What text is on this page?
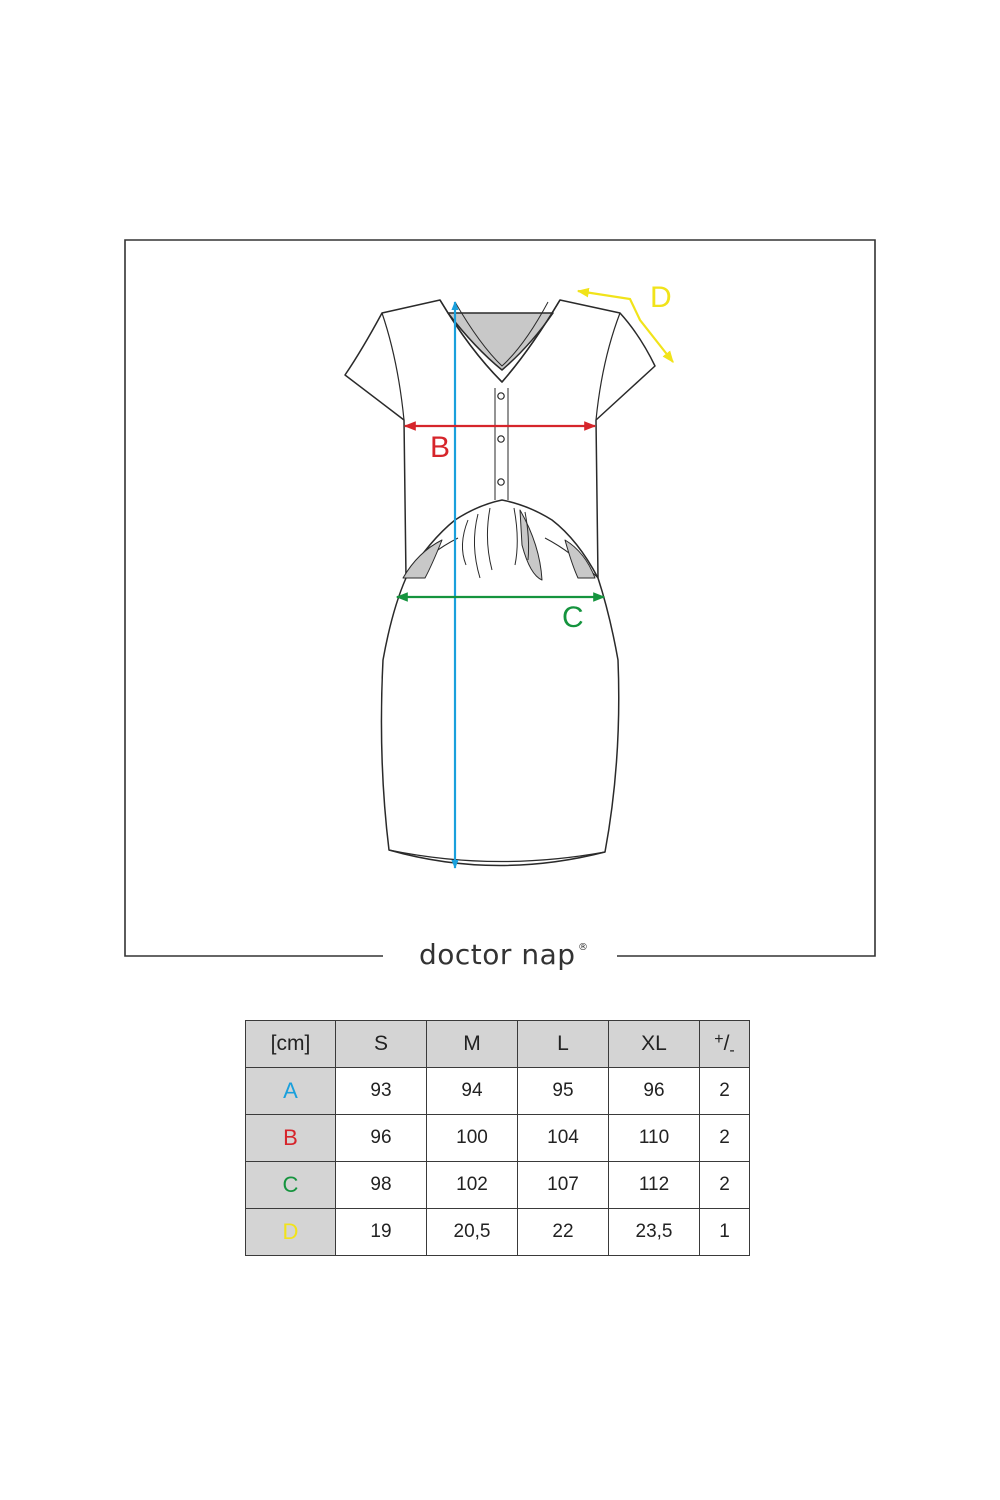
B
C
D
doctor nap ®
[cm]	S	M	L	XL	$^+/_-$
A	93	94	95	96	2
B	96	100	104	110	2
C	98	102	107	112	2
D	19	20,5	22	23,5	1
